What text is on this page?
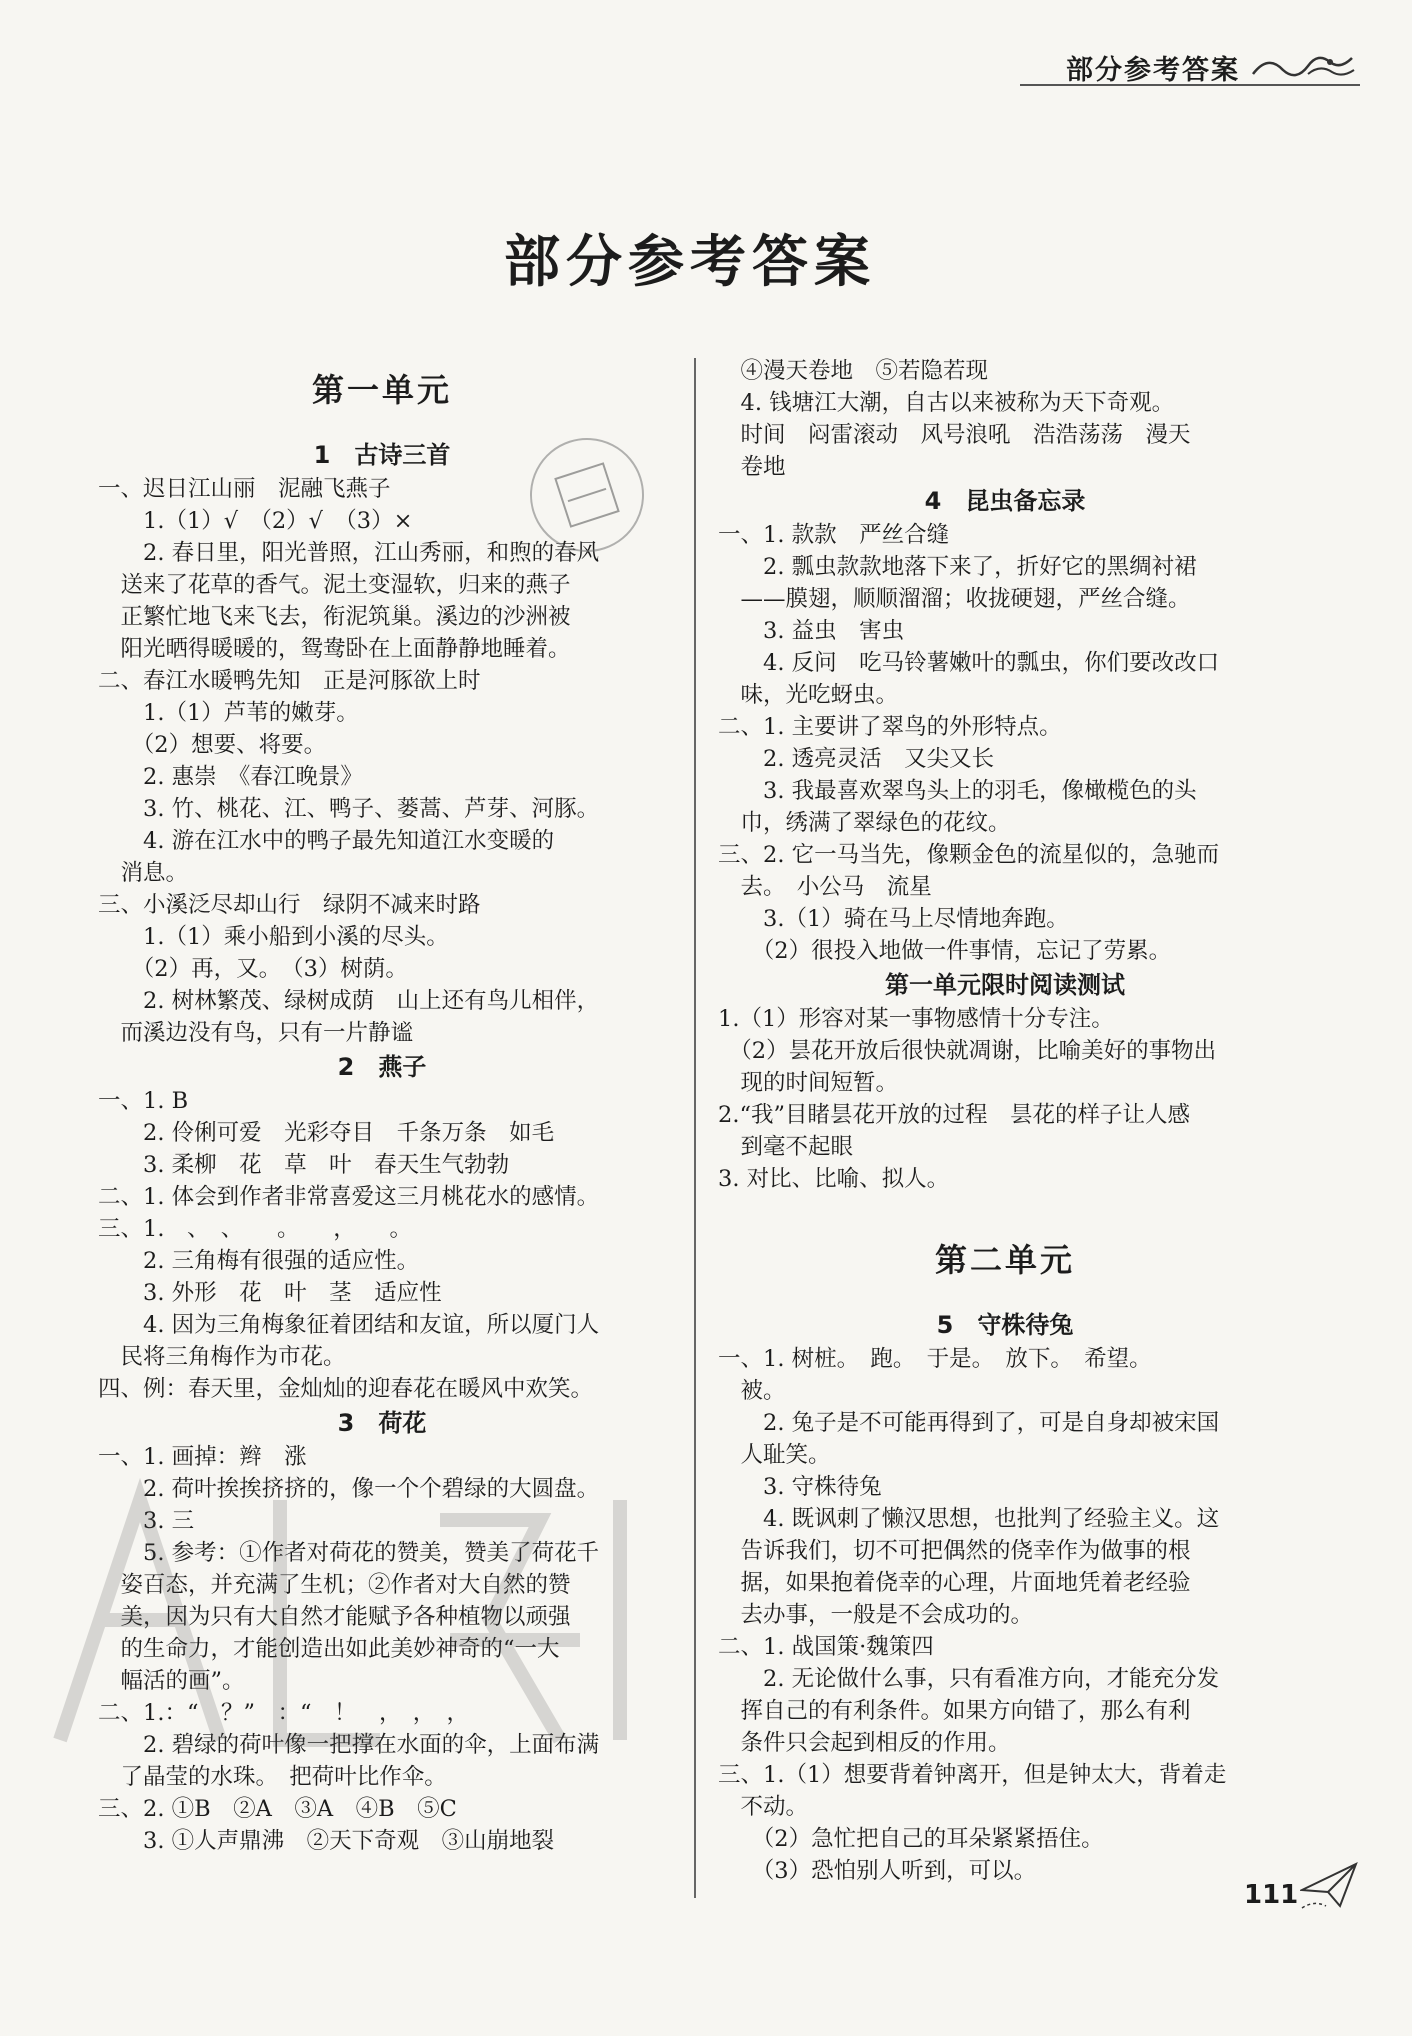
部分参考答案
部分参考答案
第一单元
1　古诗三首
一、迟日江山丽　泥融飞燕子
　　1.（1）√　（2）√　（3）×
　　2. 春日里，阳光普照，江山秀丽，和煦的春风
　送来了花草的香气。泥土变湿软，归来的燕子
　正繁忙地飞来飞去，衔泥筑巢。溪边的沙洲被
　阳光晒得暖暖的，鸳鸯卧在上面静静地睡着。
二、春江水暖鸭先知　正是河豚欲上时
　　1.（1）芦苇的嫩芽。
　　（2）想要、将要。
　　2. 惠崇　《春江晚景》
　　3. 竹、桃花、江、鸭子、蒌蒿、芦芽、河豚。
　　4. 游在江水中的鸭子最先知道江水变暖的
　消息。
三、小溪泛尽却山行　绿阴不减来时路
　　1.（1）乘小船到小溪的尽头。
　　（2）再，又。　（3）树荫。
　　2. 树林繁茂、绿树成荫　山上还有鸟儿相伴，
　而溪边没有鸟，只有一片静谧
2　燕子
一、1. B
　　2. 伶俐可爱　光彩夺目　千条万条　如毛
　　3. 柔柳　花　草　叶　春天生气勃勃
二、1. 体会到作者非常喜爱这三月桃花水的感情。
三、1.　、　、　　。　　，　　。
　　2. 三角梅有很强的适应性。
　　3. 外形　花　叶　茎　适应性
　　4. 因为三角梅象征着团结和友谊，所以厦门人
　民将三角梅作为市花。
四、例：春天里，金灿灿的迎春花在暖风中欢笑。
3　荷花
一、1. 画掉：辫　涨
　　2. 荷叶挨挨挤挤的，像一个个碧绿的大圆盘。
　　3. 三
　　5. 参考：①作者对荷花的赞美，赞美了荷花千
　姿百态，并充满了生机；②作者对大自然的赞
　美，因为只有大自然才能赋予各种植物以顽强
　的生命力，才能创造出如此美妙神奇的“一大
　幅活的画”。
二、1.：“　？”　：“　！　，　，　，
　　2. 碧绿的荷叶像一把撑在水面的伞，上面布满
　了晶莹的水珠。　把荷叶比作伞。
三、2. ①B　②A　③A　④B　⑤C
　　3. ①人声鼎沸　②天下奇观　③山崩地裂
　④漫天卷地　⑤若隐若现
　4. 钱塘江大潮，自古以来被称为天下奇观。
　时间　闷雷滚动　风号浪吼　浩浩荡荡　漫天
　卷地
4　昆虫备忘录
一、1. 款款　严丝合缝
　　2. 瓢虫款款地落下来了，折好它的黑绸衬裙
　——膜翅，顺顺溜溜；收拢硬翅，严丝合缝。
　　3. 益虫　害虫
　　4. 反问　吃马铃薯嫩叶的瓢虫，你们要改改口
　味，光吃蚜虫。
二、1. 主要讲了翠鸟的外形特点。
　　2. 透亮灵活　又尖又长
　　3. 我最喜欢翠鸟头上的羽毛，像橄榄色的头
　巾，绣满了翠绿色的花纹。
三、2. 它一马当先，像颗金色的流星似的，急驰而
　去。　小公马　流星
　　3.（1）骑在马上尽情地奔跑。
　　（2）很投入地做一件事情，忘记了劳累。
第一单元限时阅读测试
1.（1）形容对某一事物感情十分专注。
　（2）昙花开放后很快就凋谢，比喻美好的事物出
　现的时间短暂。
2.“我”目睹昙花开放的过程　昙花的样子让人感
　到毫不起眼
3. 对比、比喻、拟人。
第二单元
5　守株待兔
一、1. 树桩。　跑。　于是。　放下。　希望。
　被。
　　2. 兔子是不可能再得到了，可是自身却被宋国
　人耻笑。
　　3. 守株待兔
　　4. 既讽刺了懒汉思想，也批判了经验主义。这
　告诉我们，切不可把偶然的侥幸作为做事的根
　据，如果抱着侥幸的心理，片面地凭着老经验
　去办事，一般是不会成功的。
二、1. 战国策·魏策四
　　2. 无论做什么事，只有看准方向，才能充分发
　挥自己的有利条件。如果方向错了，那么有利
　条件只会起到相反的作用。
三、1.（1）想要背着钟离开，但是钟太大，背着走
　不动。
　　（2）急忙把自己的耳朵紧紧捂住。
　　（3）恐怕别人听到，可以。
111
